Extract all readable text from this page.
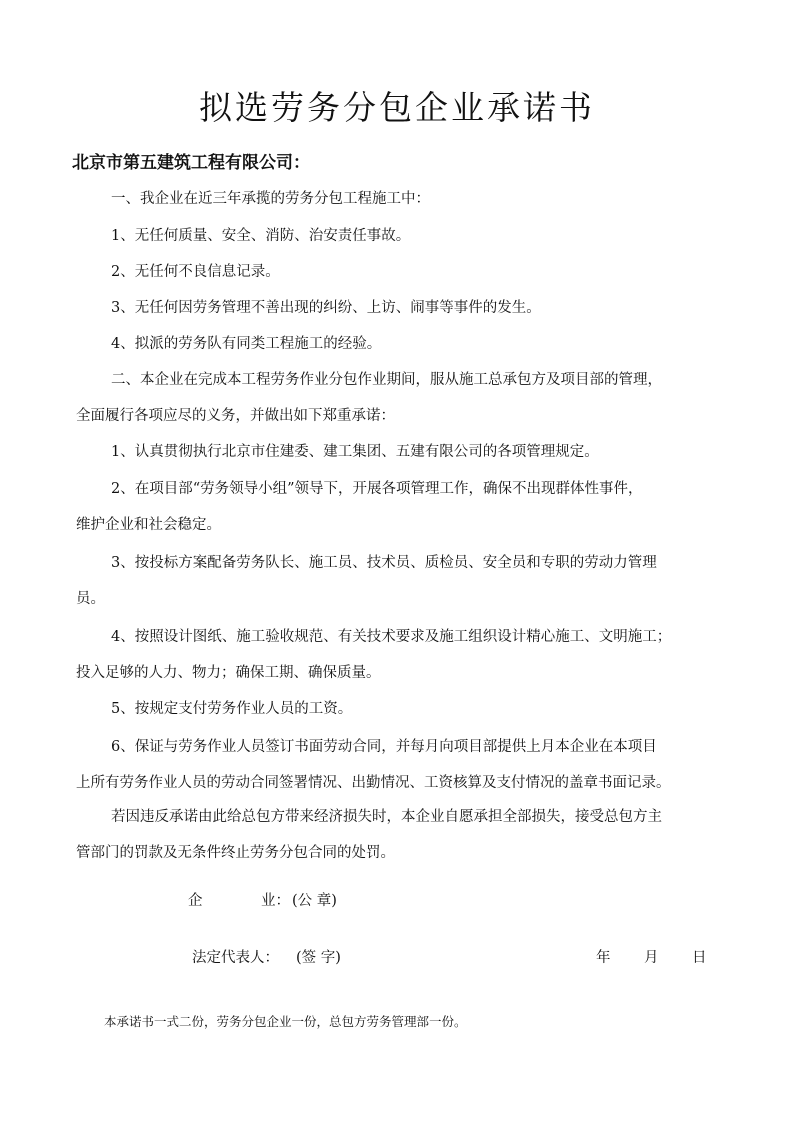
拟选劳务分包企业承诺书
北京市第五建筑工程有限公司：
一、我企业在近三年承揽的劳务分包工程施工中：
1、无任何质量、安全、消防、治安责任事故。
2、无任何不良信息记录。
3、无任何因劳务管理不善出现的纠纷、上访、闹事等事件的发生。
4、拟派的劳务队有同类工程施工的经验。
二、本企业在完成本工程劳务作业分包作业期间，服从施工总承包方及项目部的管理，
全面履行各项应尽的义务，并做出如下郑重承诺：
1、认真贯彻执行北京市住建委、建工集团、五建有限公司的各项管理规定。
2、在项目部“劳务领导小组”领导下，开展各项管理工作，确保不出现群体性事件，
维护企业和社会稳定。
3、按投标方案配备劳务队长、施工员、技术员、质检员、安全员和专职的劳动力管理
员。
4、按照设计图纸、施工验收规范、有关技术要求及施工组织设计精心施工、文明施工；
投入足够的人力、物力；确保工期、确保质量。
5、按规定支付劳务作业人员的工资。
6、保证与劳务作业人员签订书面劳动合同，并每月向项目部提供上月本企业在本项目
上所有劳务作业人员的劳动合同签署情况、出勤情况、工资核算及支付情况的盖章书面记录。
若因违反承诺由此给总包方带来经济损失时，本企业自愿承担全部损失，接受总包方主
管部门的罚款及无条件终止劳务分包合同的处罚。
企	业： (公 章)
法定代表人： (签 字)	年 月 日
本承诺书一式二份，劳务分包企业一份，总包方劳务管理部一份。
